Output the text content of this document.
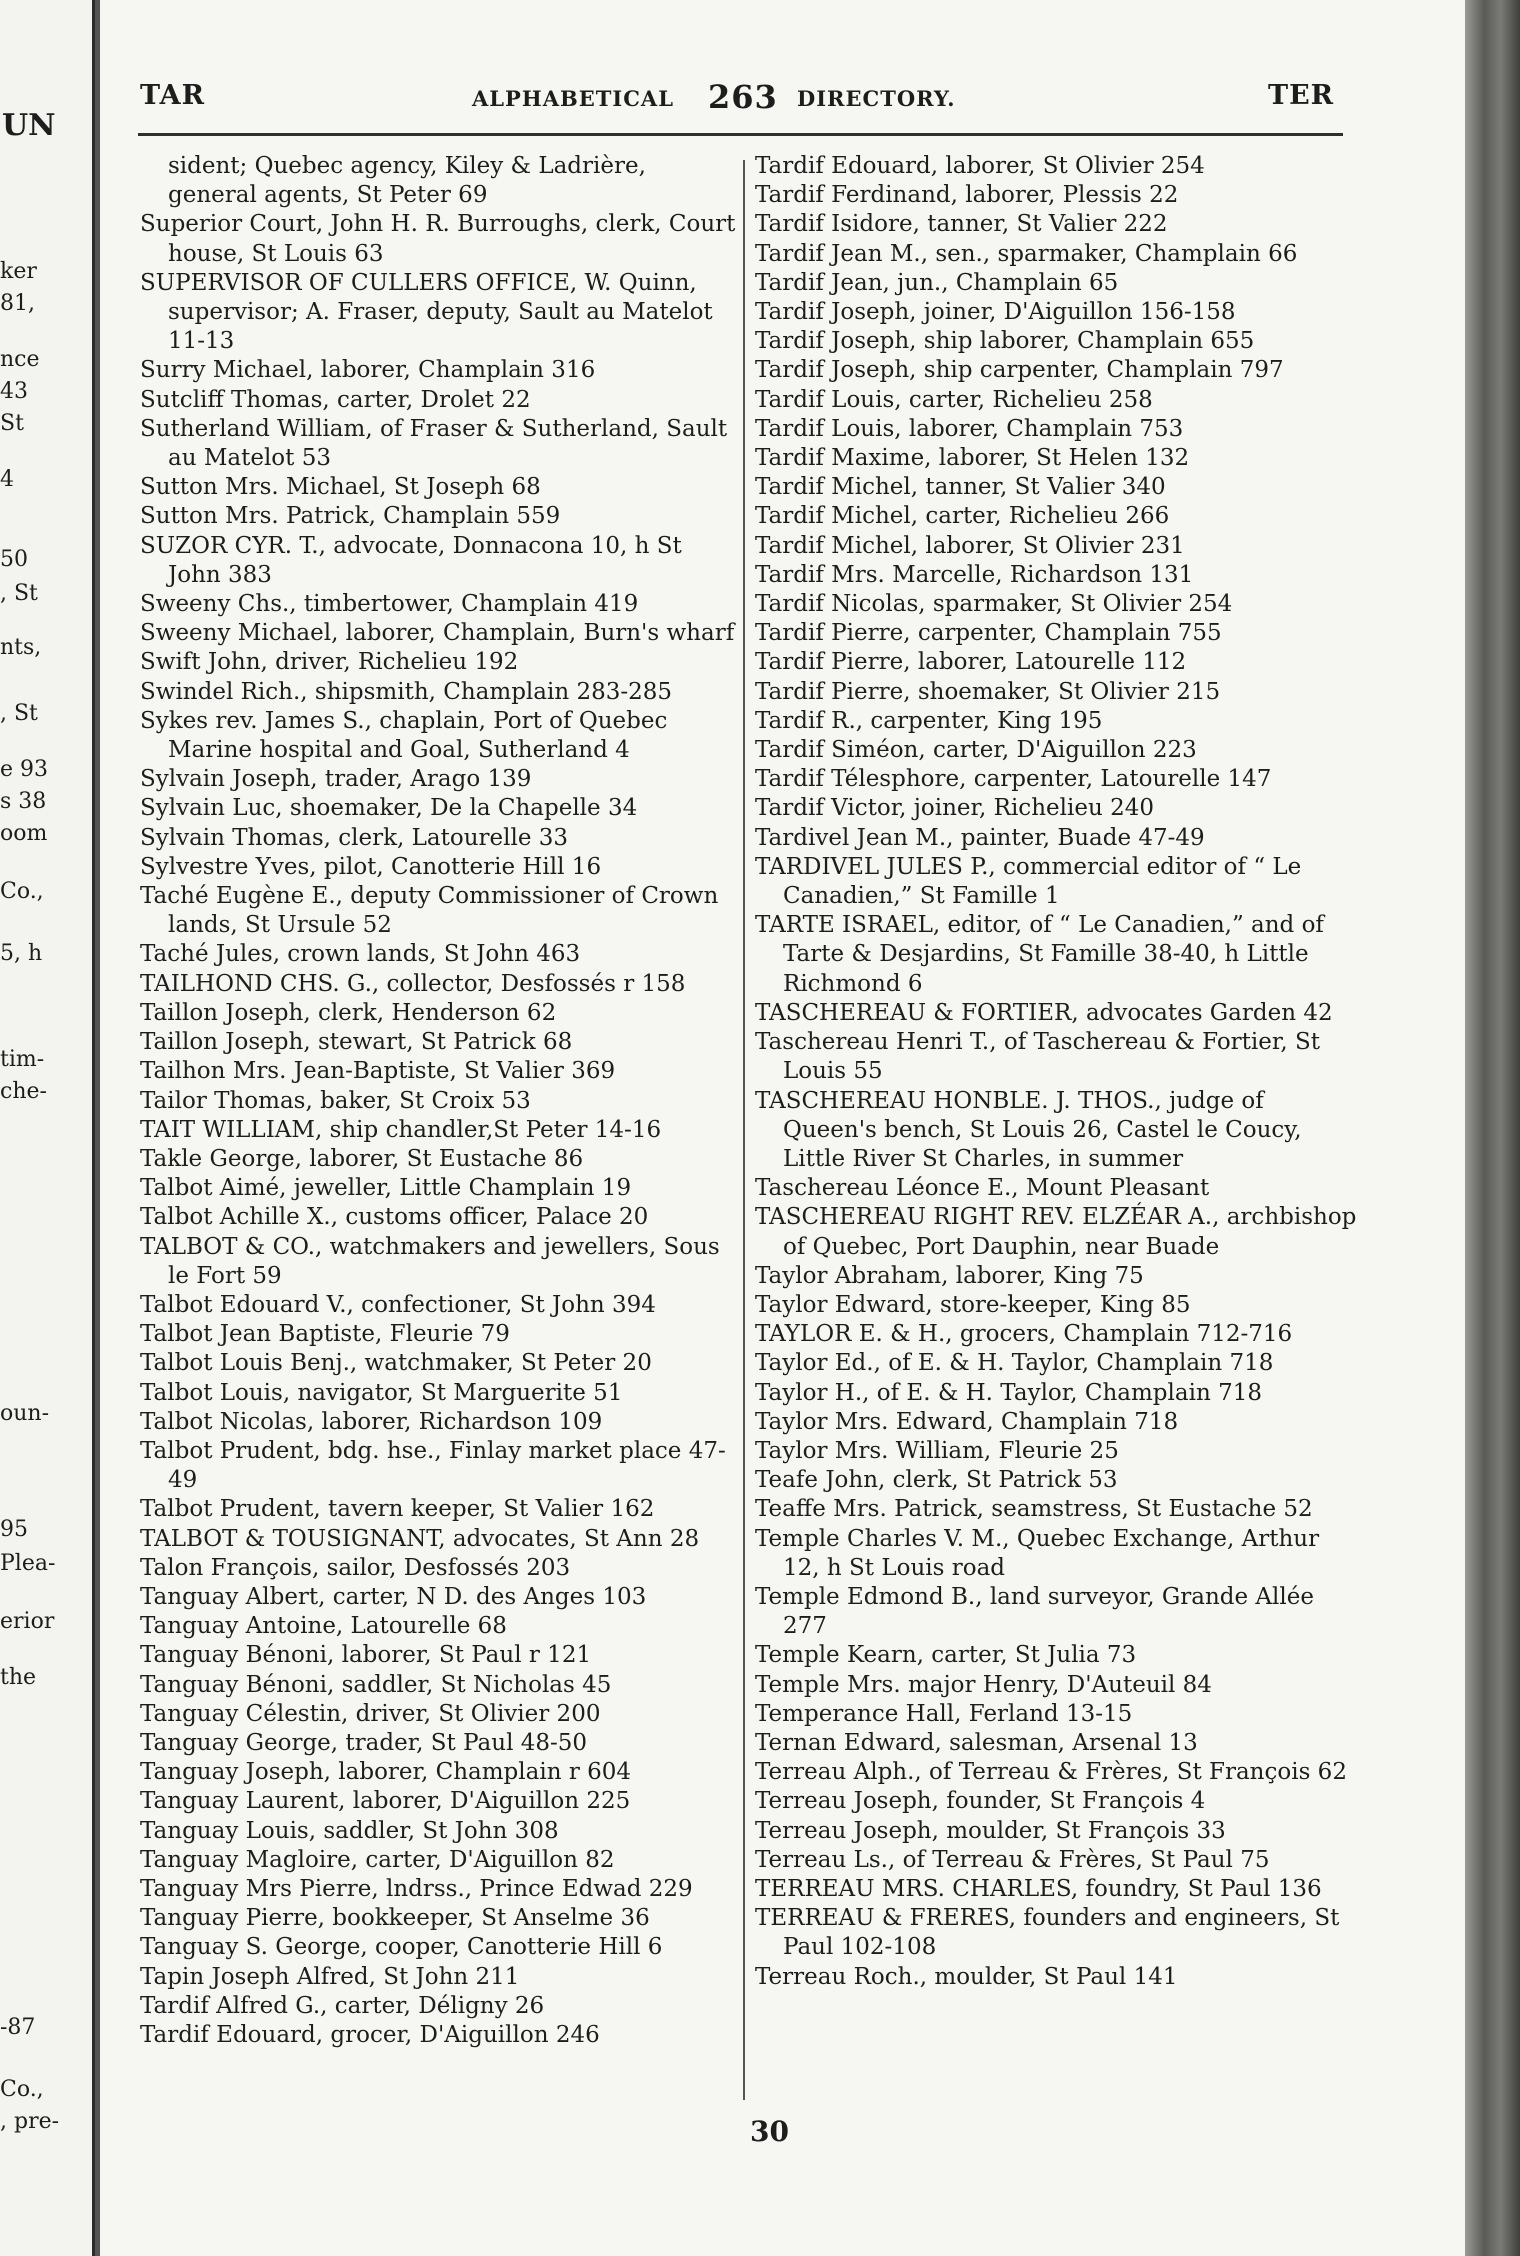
UN
ker
81,
nce
43
St
4
50
, St
nts,
, St
e 93
s 38
oom
Co.,
5, h
tim-
che-
oun-
95
Plea-
erior
the
-87
Co.,
, pre-
TAR	ALPHABETICAL 263 DIRECTORY.	TER
sident; Quebec agency, Kiley & Ladrière, general agents, St Peter 69
Superior Court, John H. R. Burroughs, clerk, Court house, St Louis 63
SUPERVISOR OF CULLERS OFFICE, W. Quinn, supervisor; A. Fraser, deputy, Sault au Matelot 11-13
Surry Michael, laborer, Champlain 316
Sutcliff Thomas, carter, Drolet 22
Sutherland William, of Fraser & Sutherland, Sault au Matelot 53
Sutton Mrs. Michael, St Joseph 68
Sutton Mrs. Patrick, Champlain 559
SUZOR CYR. T., advocate, Donnacona 10, h St John 383
Sweeny Chs., timbertower, Champlain 419
Sweeny Michael, laborer, Champlain, Burn's wharf
Swift John, driver, Richelieu 192
Swindel Rich., shipsmith, Champlain 283-285
Sykes rev. James S., chaplain, Port of Quebec Marine hospital and Goal, Sutherland 4
Sylvain Joseph, trader, Arago 139
Sylvain Luc, shoemaker, De la Chapelle 34
Sylvain Thomas, clerk, Latourelle 33
Sylvestre Yves, pilot, Canotterie Hill 16
Taché Eugène E., deputy Commissioner of Crown lands, St Ursule 52
Taché Jules, crown lands, St John 463
TAILHOND CHS. G., collector, Desfossés r 158
Taillon Joseph, clerk, Henderson 62
Taillon Joseph, stewart, St Patrick 68
Tailhon Mrs. Jean-Baptiste, St Valier 369
Tailor Thomas, baker, St Croix 53
TAIT WILLIAM, ship chandler,St Peter 14-16
Takle George, laborer, St Eustache 86
Talbot Aimé, jeweller, Little Champlain 19
Talbot Achille X., customs officer, Palace 20
TALBOT & CO., watchmakers and jewellers, Sous le Fort 59
Talbot Edouard V., confectioner, St John 394
Talbot Jean Baptiste, Fleurie 79
Talbot Louis Benj., watchmaker, St Peter 20
Talbot Louis, navigator, St Marguerite 51
Talbot Nicolas, laborer, Richardson 109
Talbot Prudent, bdg. hse., Finlay market place 47-49
Talbot Prudent, tavern keeper, St Valier 162
TALBOT & TOUSIGNANT, advocates, St Ann 28
Talon François, sailor, Desfossés 203
Tanguay Albert, carter, N D. des Anges 103
Tanguay Antoine, Latourelle 68
Tanguay Bénoni, laborer, St Paul r 121
Tanguay Bénoni, saddler, St Nicholas 45
Tanguay Célestin, driver, St Olivier 200
Tanguay George, trader, St Paul 48-50
Tanguay Joseph, laborer, Champlain r 604
Tanguay Laurent, laborer, D'Aiguillon 225
Tanguay Louis, saddler, St John 308
Tanguay Magloire, carter, D'Aiguillon 82
Tanguay Mrs Pierre, lndrss., Prince Edwad 229
Tanguay Pierre, bookkeeper, St Anselme 36
Tanguay S. George, cooper, Canotterie Hill 6
Tapin Joseph Alfred, St John 211
Tardif Alfred G., carter, Déligny 26
Tardif Edouard, grocer, D'Aiguillon 246
Tardif Edouard, laborer, St Olivier 254
Tardif Ferdinand, laborer, Plessis 22
Tardif Isidore, tanner, St Valier 222
Tardif Jean M., sen., sparmaker, Champlain 66
Tardif Jean, jun., Champlain 65
Tardif Joseph, joiner, D'Aiguillon 156-158
Tardif Joseph, ship laborer, Champlain 655
Tardif Joseph, ship carpenter, Champlain 797
Tardif Louis, carter, Richelieu 258
Tardif Louis, laborer, Champlain 753
Tardif Maxime, laborer, St Helen 132
Tardif Michel, tanner, St Valier 340
Tardif Michel, carter, Richelieu 266
Tardif Michel, laborer, St Olivier 231
Tardif Mrs. Marcelle, Richardson 131
Tardif Nicolas, sparmaker, St Olivier 254
Tardif Pierre, carpenter, Champlain 755
Tardif Pierre, laborer, Latourelle 112
Tardif Pierre, shoemaker, St Olivier 215
Tardif R., carpenter, King 195
Tardif Siméon, carter, D'Aiguillon 223
Tardif Télesphore, carpenter, Latourelle 147
Tardif Victor, joiner, Richelieu 240
Tardivel Jean M., painter, Buade 47-49
TARDIVEL JULES P., commercial editor of “ Le Canadien,” St Famille 1
TARTE ISRAEL, editor, of “ Le Canadien,” and of Tarte & Desjardins, St Famille 38-40, h Little Richmond 6
TASCHEREAU & FORTIER, advocates Garden 42
Taschereau Henri T., of Taschereau & Fortier, St Louis 55
TASCHEREAU HONBLE. J. THOS., judge of Queen's bench, St Louis 26, Castel le Coucy, Little River St Charles, in summer
Taschereau Léonce E., Mount Pleasant
TASCHEREAU RIGHT REV. ELZÉAR A., archbishop of Quebec, Port Dauphin, near Buade
Taylor Abraham, laborer, King 75
Taylor Edward, store-keeper, King 85
TAYLOR E. & H., grocers, Champlain 712-716
Taylor Ed., of E. & H. Taylor, Champlain 718
Taylor H., of E. & H. Taylor, Champlain 718
Taylor Mrs. Edward, Champlain 718
Taylor Mrs. William, Fleurie 25
Teafe John, clerk, St Patrick 53
Teaffe Mrs. Patrick, seamstress, St Eustache 52
Temple Charles V. M., Quebec Exchange, Arthur 12, h St Louis road
Temple Edmond B., land surveyor, Grande Allée 277
Temple Kearn, carter, St Julia 73
Temple Mrs. major Henry, D'Auteuil 84
Temperance Hall, Ferland 13-15
Ternan Edward, salesman, Arsenal 13
Terreau Alph., of Terreau & Frères, St François 62
Terreau Joseph, founder, St François 4
Terreau Joseph, moulder, St François 33
Terreau Ls., of Terreau & Frères, St Paul 75
TERREAU MRS. CHARLES, foundry, St Paul 136
TERREAU & FRERES, founders and engineers, St Paul 102-108
Terreau Roch., moulder, St Paul 141
30
